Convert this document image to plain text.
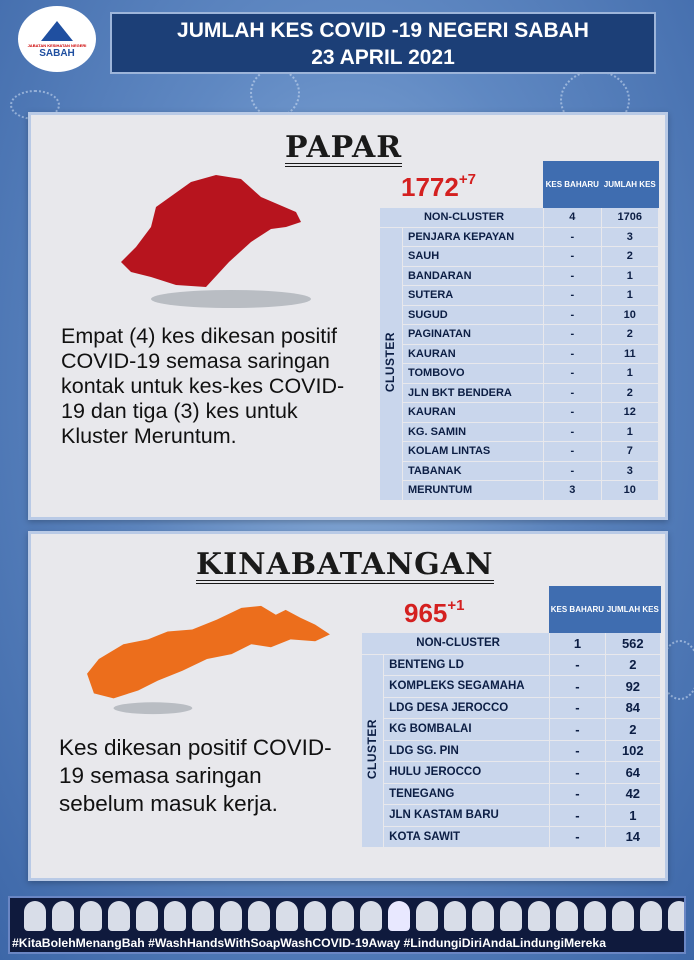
JABATAN KESIHATAN NEGERI
SABAH
JUMLAH KES COVID -19 NEGERI SABAH
23 APRIL 2021
PAPAR
$1772^{+7}$
Empat (4) kes dikesan positif COVID-19 semasa saringan kontak untuk kes-kes COVID-19 dan tiga (3) kes untuk Kluster Meruntum.
		KES BAHARU	JUMLAH KES
NON-CLUSTER		4	1706
CLUSTER	PENJARA KEPAYAN	-	3
	SAUH	-	2
	BANDARAN	-	1
	SUTERA	-	1
	SUGUD	-	10
	PAGINATAN	-	2
	KAURAN	-	11
	TOMBOVO	-	1
	JLN BKT BENDERA	-	2
	KAURAN	-	12
	KG. SAMIN	-	1
	KOLAM LINTAS	-	7
	TABANAK	-	3
	MERUNTUM	3	10
KINABATANGAN
$965^{+1}$
Kes dikesan positif COVID-19 semasa saringan sebelum masuk kerja.
		KES BAHARU	JUMLAH KES
NON-CLUSTER		1	562
CLUSTER	BENTENG LD	-	2
	KOMPLEKS SEGAMAHA	-	92
	LDG DESA JEROCCO	-	84
	KG BOMBALAI	-	2
	LDG SG. PIN	-	102
	HULU JEROCCO	-	64
	TENEGANG	-	42
	JLN KASTAM BARU	-	1
	KOTA SAWIT	-	14
#KitaBolehMenangBah #WashHandsWithSoapWashCOVID-19Away #LindungiDiriAndaLindungiMereka
